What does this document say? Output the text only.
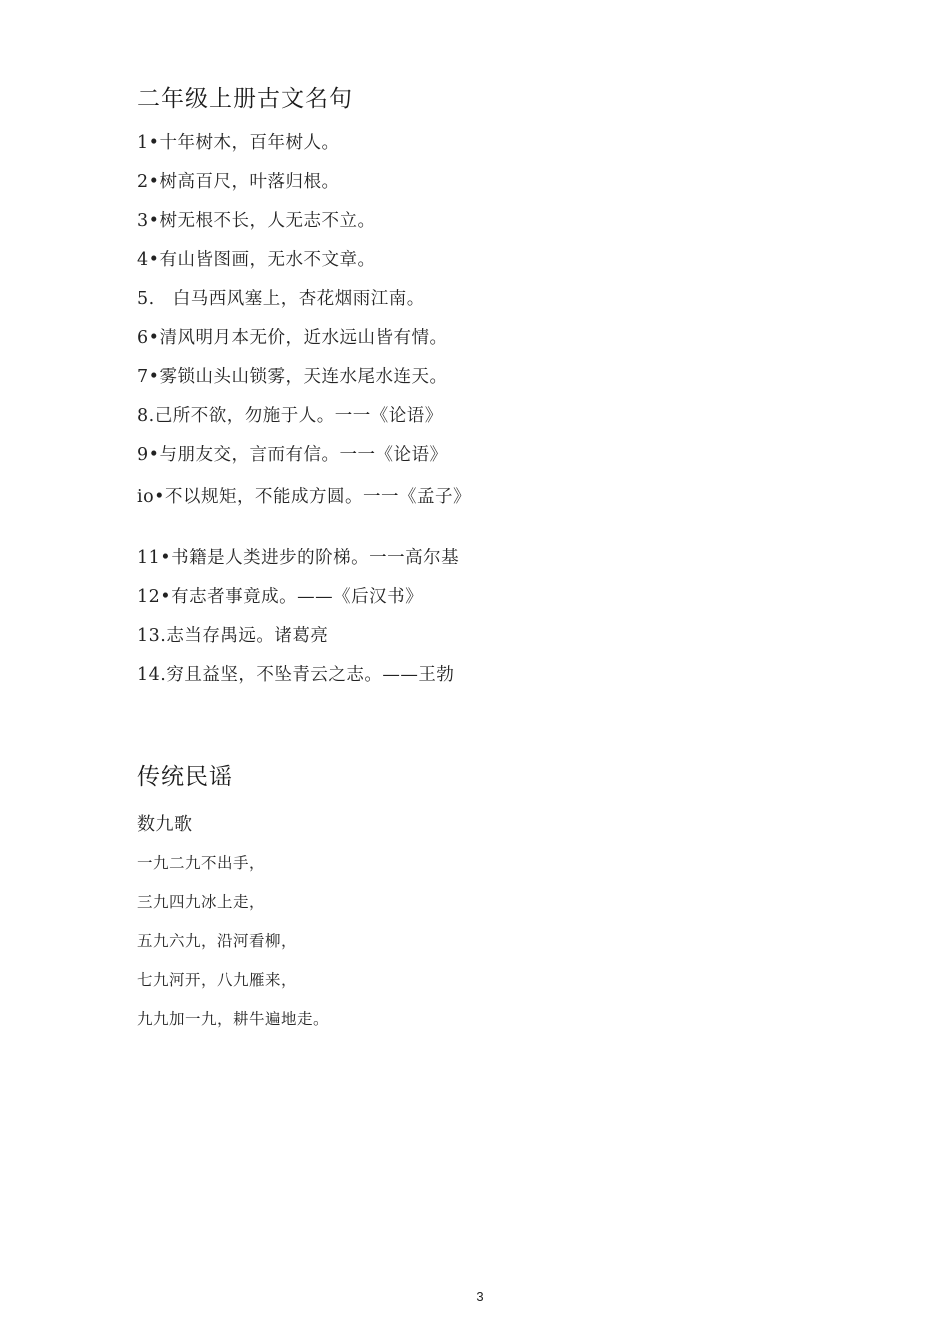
二年级上册古文名句
1•十年树木，百年树人。
2•树高百尺，叶落归根。
3•树无根不长，人无志不立。
4•有山皆图画，无水不文章。
5.　白马西风塞上，杏花烟雨江南。
6•清风明月本无价，近水远山皆有情。
7•雾锁山头山锁雾，天连水尾水连天。
8.己所不欲，勿施于人。一一《论语》
9•与朋友交，言而有信。一一《论语》
io•不以规矩，不能成方圆。一一《孟子》
11•书籍是人类进步的阶梯。一一高尔基
12•有志者事竟成。——《后汉书》
13.志当存禺远。诸葛亮
14.穷且益坚，不坠青云之志。——王勃
传统民谣
数九歌
一九二九不出手，
三九四九冰上走，
五九六九，沿河看柳，
七九河开，八九雁来，
九九加一九，耕牛遍地走。
3
